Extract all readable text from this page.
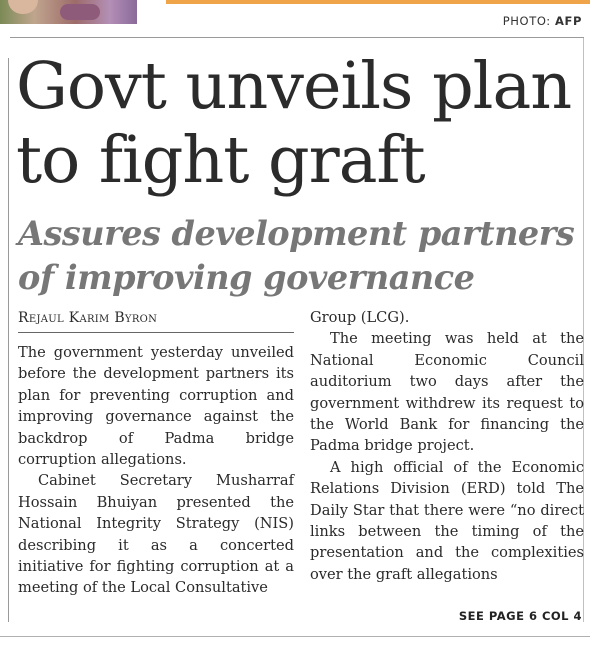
PHOTO: AFP
Govt unveils plan
to fight graft
Assures development partners
of improving governance
Rejaul Karim Byron

The government yesterday unveiled before the development partners its plan for preventing corruption and improving governance against the backdrop of Padma bridge corruption allegations.

Cabinet Secretary Musharraf Hossain Bhuiyan presented the National Integrity Strategy (NIS) describing it as a concerted initiative for fighting corruption at a meeting of the Local Consultative

Group (LCG).

The meeting was held at the National Economic Council auditorium two days after the government withdrew its request to the World Bank for financing the Padma bridge project.

A high official of the Economic Relations Division (ERD) told The Daily Star that there were “no direct links between the timing of the presentation and the complexities over the graft allegations

SEE PAGE 6 COL 4
